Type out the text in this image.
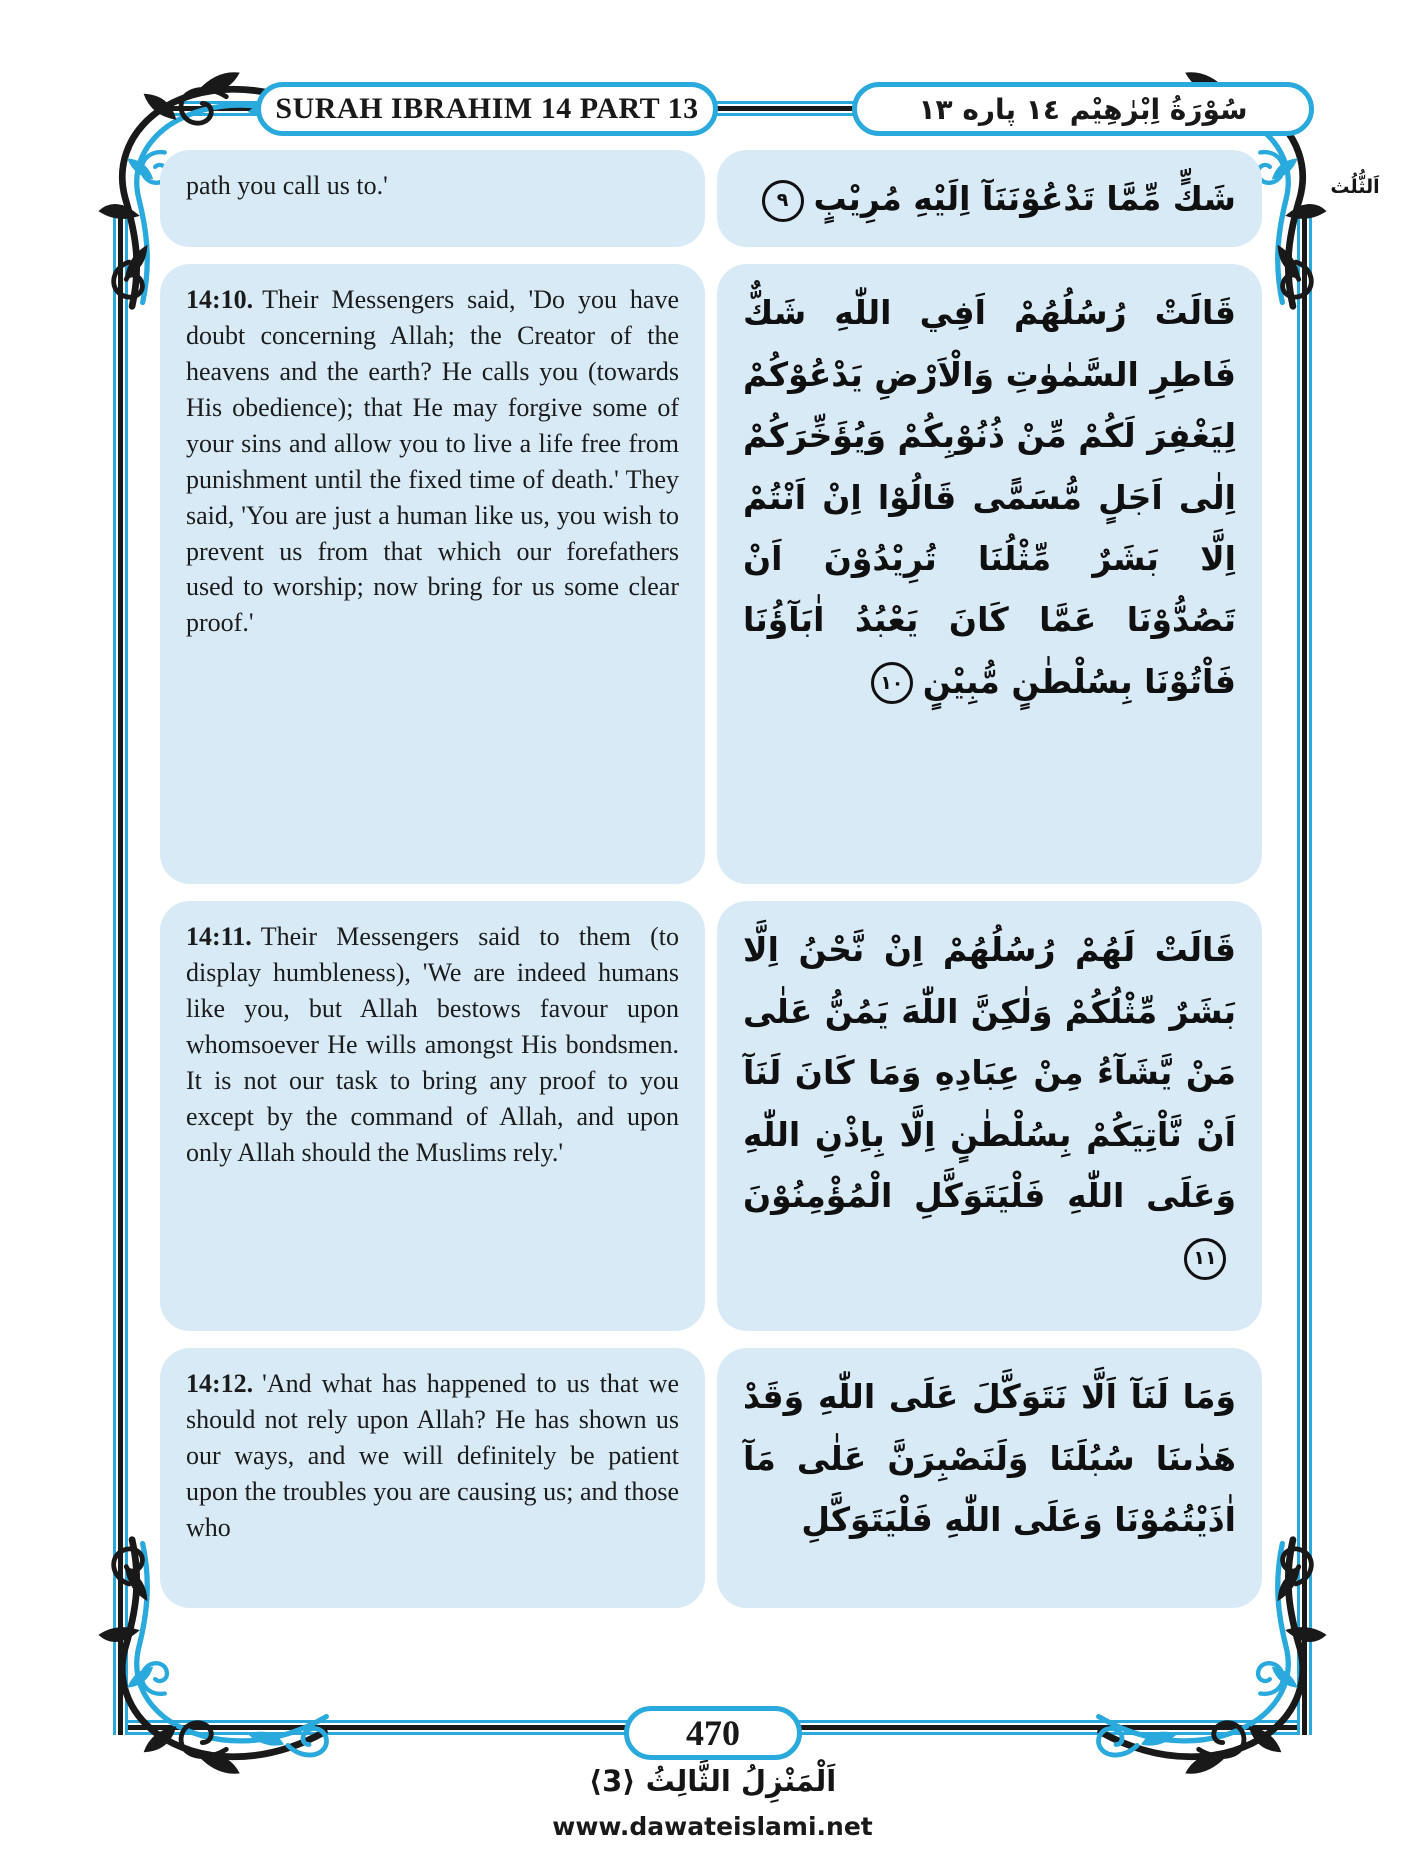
SURAH IBRAHIM 14 PART 13	سُوْرَةُ اِبْرٰهِيْم ١٤ پاره ١٣
اَلثُّلُث
path you call us to.'	شَكٍّ مِّمَّا تَدْعُوْنَنَآ اِلَيْهِ مُرِيْبٍ٩
14:10. Their Messengers said, 'Do you have doubt concerning Allah; the Creator of the heavens and the earth? He calls you (towards His obedience); that He may forgive some of your sins and allow you to live a life free from punishment until the fixed time of death.' They said, 'You are just a human like us, you wish to prevent us from that which our forefathers used to worship; now bring for us some clear proof.'
قَالَتْ رُسُلُهُمْ اَفِي اللّٰهِ شَكٌّ فَاطِرِ السَّمٰوٰتِ وَالْاَرْضِ يَدْعُوْكُمْ لِيَغْفِرَ لَكُمْ مِّنْ ذُنُوْبِكُمْ وَيُؤَخِّرَكُمْ اِلٰى اَجَلٍ مُّسَمًّى قَالُوْا اِنْ اَنْتُمْ اِلَّا بَشَرٌ مِّثْلُنَا تُرِيْدُوْنَ اَنْ تَصُدُّوْنَا عَمَّا كَانَ يَعْبُدُ اٰبَآؤُنَا فَاْتُوْنَا بِسُلْطٰنٍ مُّبِيْنٍ١٠
14:11. Their Messengers said to them (to display humbleness), 'We are indeed humans like you, but Allah bestows favour upon whomsoever He wills amongst His bondsmen. It is not our task to bring any proof to you except by the command of Allah, and upon only Allah should the Muslims rely.'
قَالَتْ لَهُمْ رُسُلُهُمْ اِنْ نَّحْنُ اِلَّا بَشَرٌ مِّثْلُكُمْ وَلٰكِنَّ اللّٰهَ يَمُنُّ عَلٰى مَنْ يَّشَآءُ مِنْ عِبَادِهِ وَمَا كَانَ لَنَآ اَنْ نَّاْتِيَكُمْ بِسُلْطٰنٍ اِلَّا بِاِذْنِ اللّٰهِ وَعَلَى اللّٰهِ فَلْيَتَوَكَّلِ الْمُؤْمِنُوْنَ١١
14:12. 'And what has happened to us that we should not rely upon Allah? He has shown us our ways, and we will definitely be patient upon the troubles you are causing us; and those who
وَمَا لَنَآ اَلَّا نَتَوَكَّلَ عَلَى اللّٰهِ وَقَدْ هَدٰىنَا سُبُلَنَا وَلَنَصْبِرَنَّ عَلٰى مَآ اٰذَيْتُمُوْنَا وَعَلَى اللّٰهِ فَلْيَتَوَكَّلِ
470
اَلْمَنْزِلُ الثَّالِثُ ⟨3⟩
www.dawateislami.net
